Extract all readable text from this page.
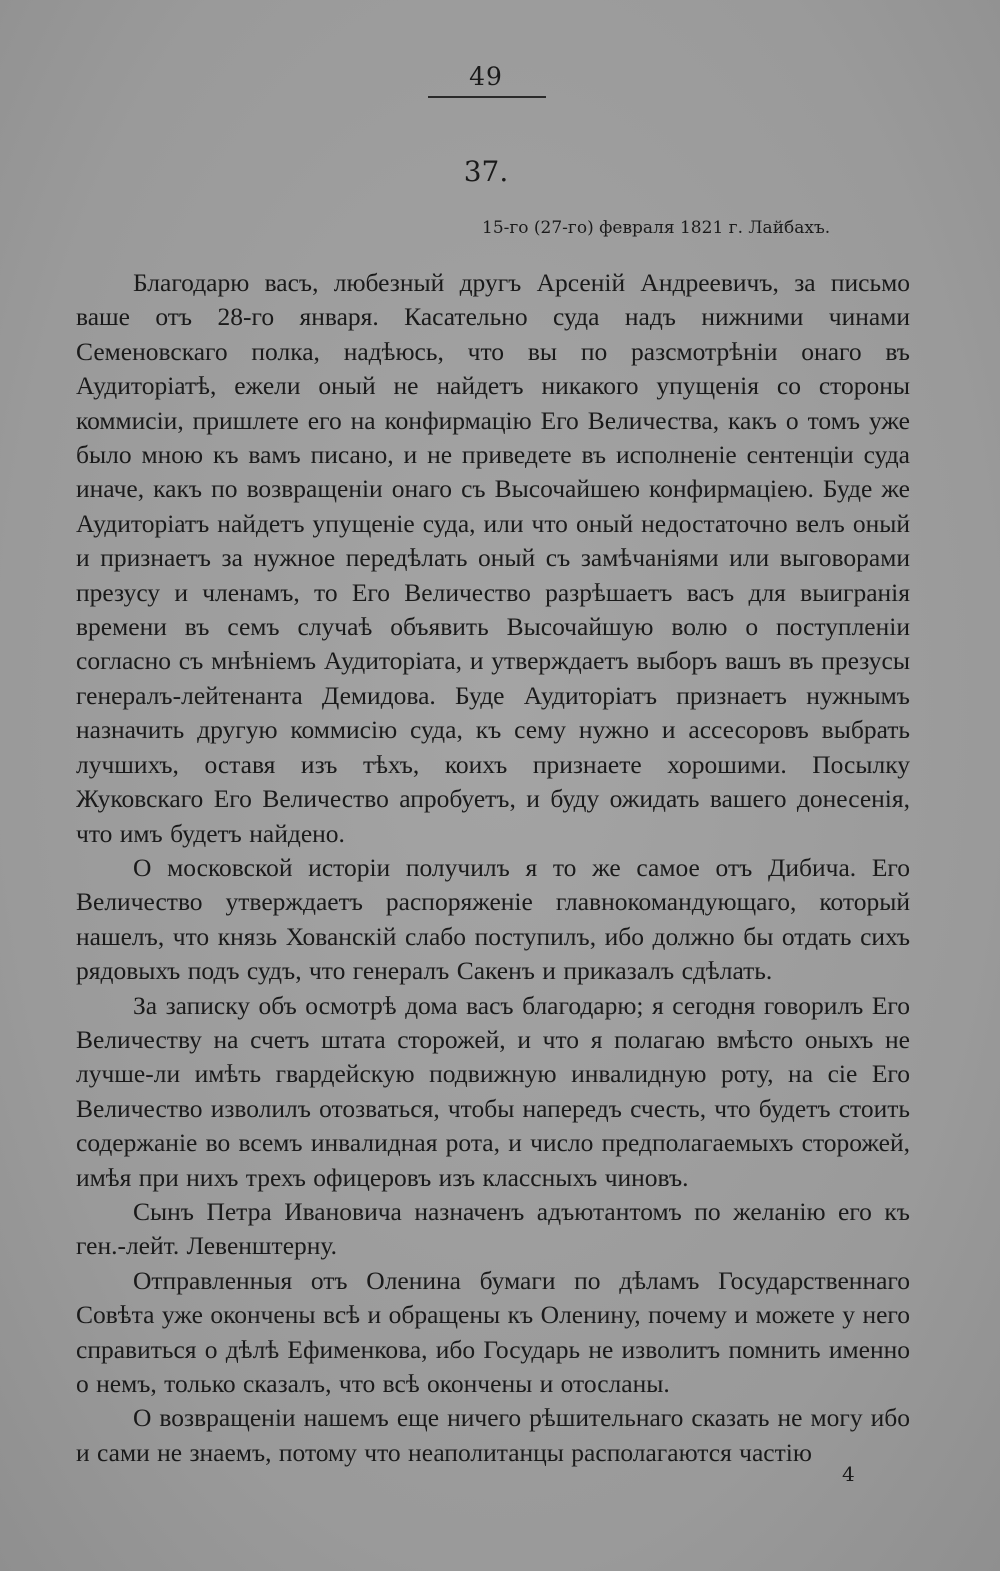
49
37.
15-го (27-го) февраля 1821 г. Лайбахъ.

Благодарю васъ, любезный другъ Арсеній Андреевичъ, за письмо ваше отъ 28-го января. Касательно суда надъ нижними чинами Семеновскаго полка, надѣюсь, что вы по разсмотрѣніи онаго въ Аудиторіатѣ, ежели оный не найдетъ никакого упущенія со стороны коммисіи, пришлете его на конфирмацію Его Величества, какъ о томъ уже было мною къ вамъ писано, и не приведете въ исполненіе сентенціи суда иначе, какъ по возвращеніи онаго съ Высочайшею конфирмаціею. Буде же Аудиторіатъ найдетъ упущеніе суда, или что оный недостаточно велъ оный и признаетъ за нужное передѣлать оный съ замѣчаніями или выговорами презусу и членамъ, то Его Величество разрѣшаетъ васъ для выигранія времени въ семъ случаѣ объявить Высочайшую волю о поступленіи согласно съ мнѣніемъ Аудиторіата, и утверждаетъ выборъ вашъ въ презусы генералъ-лейтенанта Демидова. Буде Аудиторіатъ признаетъ нужнымъ назначить другую коммисію суда, къ сему нужно и ассесоровъ выбрать лучшихъ, оставя изъ тѣхъ, коихъ признаете хорошими. Посылку Жуковскаго Его Величество апробуетъ, и буду ожидать вашего донесенія, что имъ будетъ найдено.

О московской исторіи получилъ я то же самое отъ Дибича. Его Величество утверждаетъ распоряженіе главнокомандующаго, который нашелъ, что князь Хованскій слабо поступилъ, ибо должно бы отдать сихъ рядовыхъ подъ судъ, что генералъ Сакенъ и приказалъ сдѣлать.

За записку объ осмотрѣ дома васъ благодарю; я сегодня говорилъ Его Величеству на счетъ штата сторожей, и что я полагаю вмѣсто оныхъ не лучше-ли имѣть гвардейскую подвижную инвалидную роту, на сіе Его Величество изволилъ отозваться, чтобы напередъ счесть, что будетъ стоить содержаніе во всемъ инвалидная рота, и число предполагаемыхъ сторожей, имѣя при нихъ трехъ офицеровъ изъ классныхъ чиновъ.

Сынъ Петра Ивановича назначенъ адъютантомъ по желанію его къ ген.-лейт. Левенштерну.

Отправленныя отъ Оленина бумаги по дѣламъ Государственнаго Совѣта уже окончены всѣ и обращены къ Оленину, почему и можете у него справиться о дѣлѣ Ефименкова, ибо Государь не изволитъ помнить именно о немъ, только сказалъ, что всѣ окончены и отосланы.

О возвращеніи нашемъ еще ничего рѣшительнаго сказать не могу ибо и сами не знаемъ, потому что неаполитанцы располагаются частію

4
